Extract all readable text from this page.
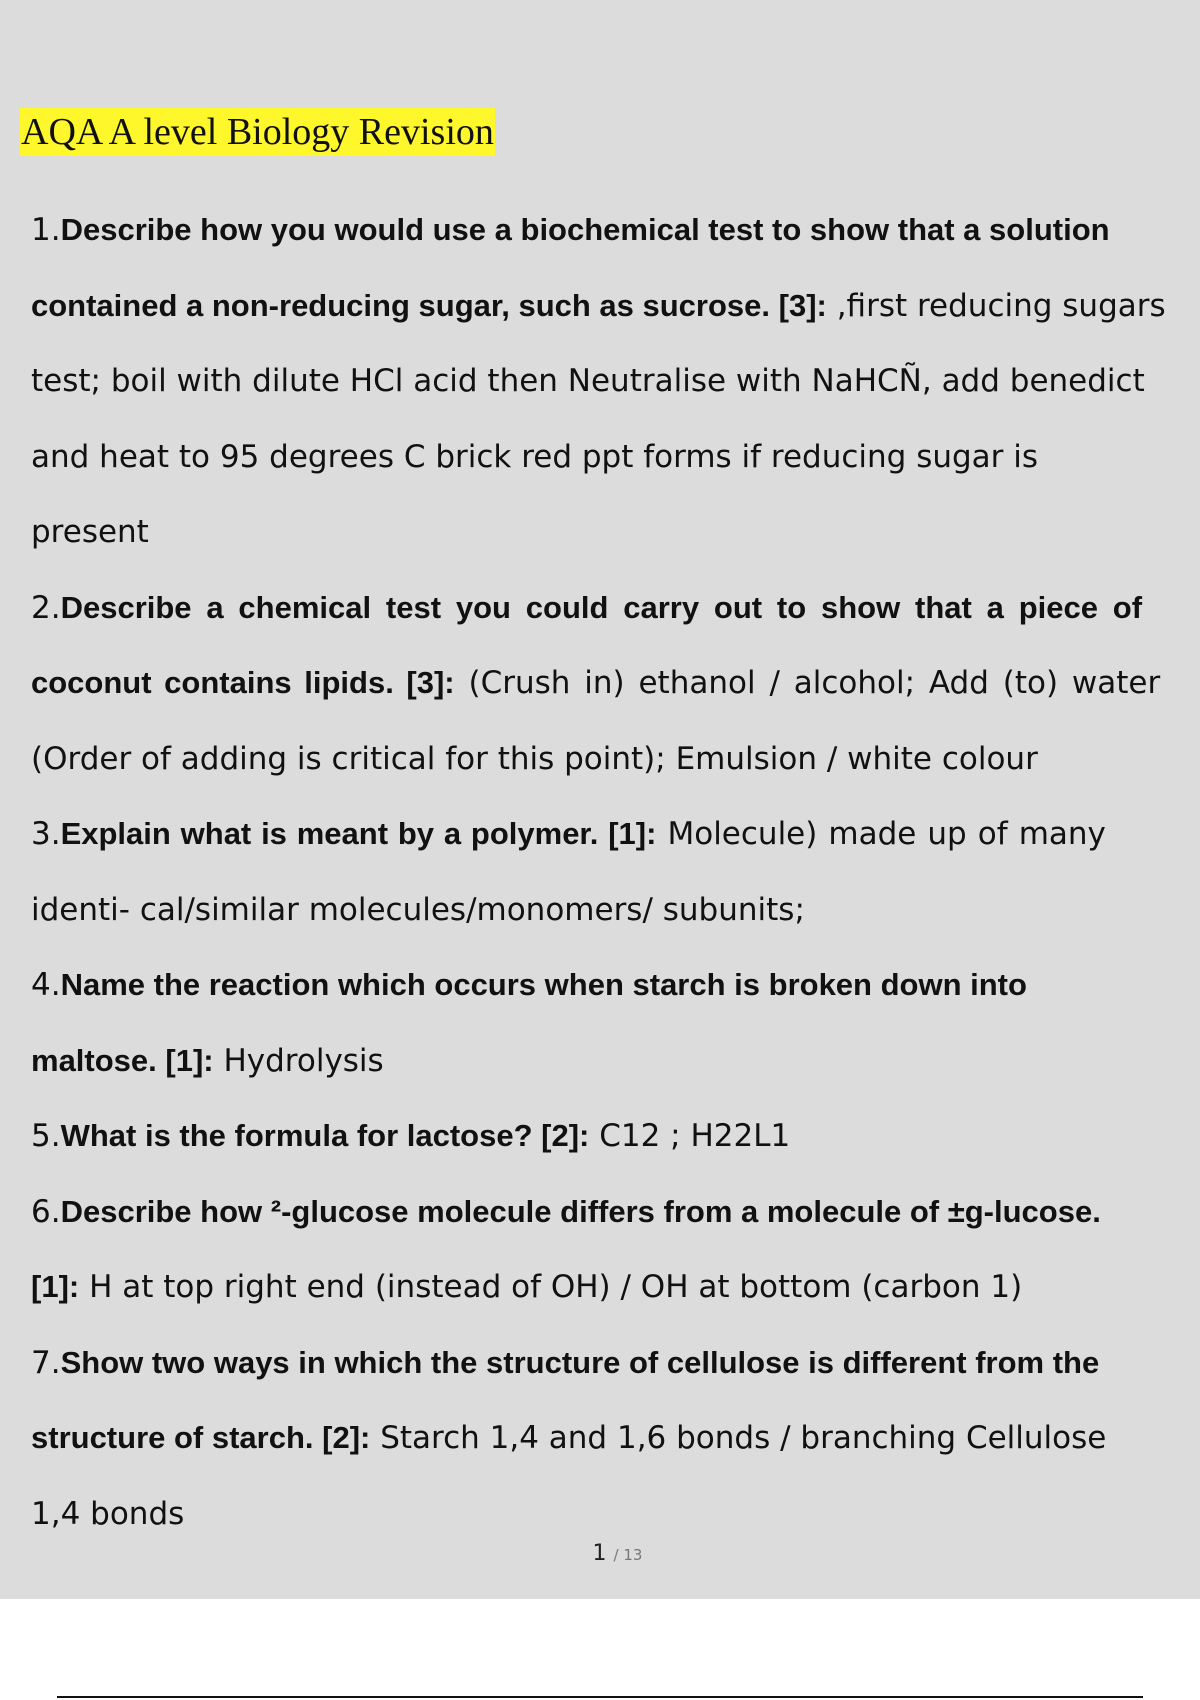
AQA A level Biology Revision
1.Describe how you would use a biochemical test to show that a solution
contained a non-reducing sugar, such as sucrose. [3]: ,first reducing sugars
test; boil with dilute HCl acid then Neutralise with NaHCÑ, add benedict
and heat to 95 degrees C brick red ppt forms if reducing sugar is
present
2.Describe a chemical test you could carry out to show that a piece of
coconut contains lipids. [3]: (Crush in) ethanol / alcohol; Add (to) water
(Order of adding is critical for this point); Emulsion / white colour
3.Explain what is meant by a polymer. [1]: Molecule) made up of many
identi- cal/similar molecules/monomers/ subunits;
4.Name the reaction which occurs when starch is broken down into
maltose. [1]: Hydrolysis
5.What is the formula for lactose? [2]: C12 ; H22L1
6.Describe how ²-glucose molecule differs from a molecule of ±g-lucose.
[1]: H at top right end (instead of OH) / OH at bottom (carbon 1)
7.Show two ways in which the structure of cellulose is different from the
structure of starch. [2]: Starch 1,4 and 1,6 bonds / branching Cellulose
1,4 bonds
1 / 13
